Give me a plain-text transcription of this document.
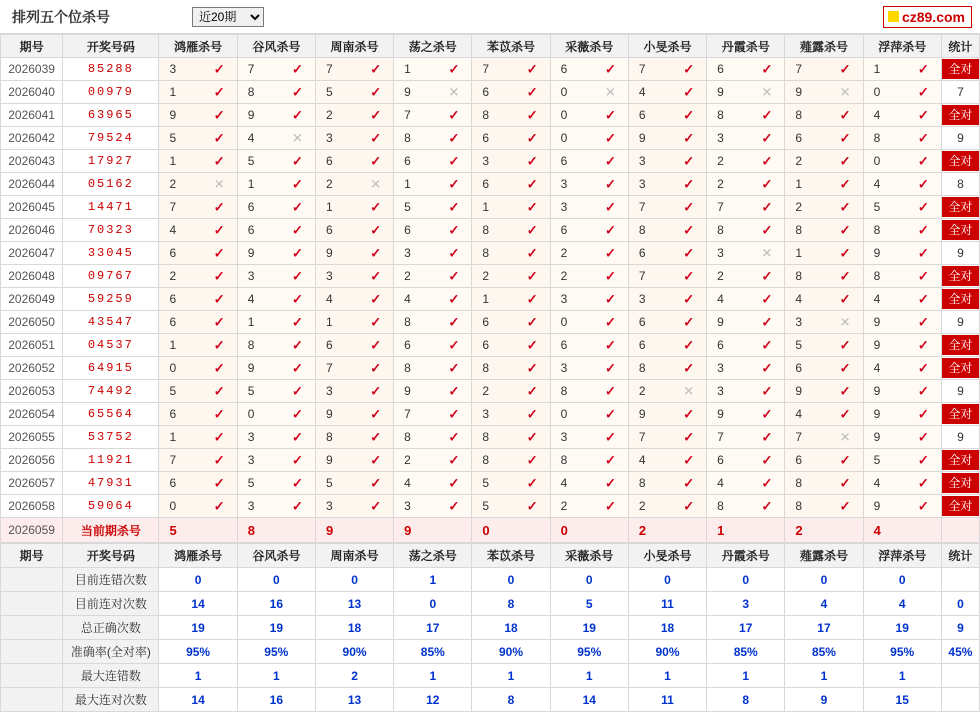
排列五个位杀号
近20期	cz89.com
期号	开奖号码	鸿雁杀号	谷风杀号	周南杀号	荡之杀号	苯苡杀号	采薇杀号	小旻杀号	丹霞杀号	薤露杀号	浮萍杀号	统计
2026039	85288	3 ✓	7 ✓	7 ✓	1 ✓	7 ✓	6 ✓	7 ✓	6 ✓	7 ✓	1 ✓	全对

2026040	00979	1 ✓	8 ✓	5 ✓	9 ✕	6 ✓	0 ✕	4 ✓	9 ✕	9 ✕	0 ✓	7
2026041	63965	9 ✓	9 ✓	2 ✓	7 ✓	8 ✓	0 ✓	6 ✓	8 ✓	8 ✓	4 ✓	全对

2026042	79524	5 ✓	4 ✕	3 ✓	8 ✓	6 ✓	0 ✓	9 ✓	3 ✓	6 ✓	8 ✓	9
2026043	17927	1 ✓	5 ✓	6 ✓	6 ✓	3 ✓	6 ✓	3 ✓	2 ✓	2 ✓	0 ✓	全对

2026044	05162	2 ✕	1 ✓	2 ✕	1 ✓	6 ✓	3 ✓	3 ✓	2 ✓	1 ✓	4 ✓	8
2026045	14471	7 ✓	6 ✓	1 ✓	5 ✓	1 ✓	3 ✓	7 ✓	7 ✓	2 ✓	5 ✓	全对

2026046	70323	4 ✓	6 ✓	6 ✓	6 ✓	8 ✓	6 ✓	8 ✓	8 ✓	8 ✓	8 ✓	全对

2026047	33045	6 ✓	9 ✓	9 ✓	3 ✓	8 ✓	2 ✓	6 ✓	3 ✕	1 ✓	9 ✓	9
2026048	09767	2 ✓	3 ✓	3 ✓	2 ✓	2 ✓	2 ✓	7 ✓	2 ✓	8 ✓	8 ✓	全对

2026049	59259	6 ✓	4 ✓	4 ✓	4 ✓	1 ✓	3 ✓	3 ✓	4 ✓	4 ✓	4 ✓	全对

2026050	43547	6 ✓	1 ✓	1 ✓	8 ✓	6 ✓	0 ✓	6 ✓	9 ✓	3 ✕	9 ✓	9
2026051	04537	1 ✓	8 ✓	6 ✓	6 ✓	6 ✓	6 ✓	6 ✓	6 ✓	5 ✓	9 ✓	全对

2026052	64915	0 ✓	9 ✓	7 ✓	8 ✓	8 ✓	3 ✓	8 ✓	3 ✓	6 ✓	4 ✓	全对

2026053	74492	5 ✓	5 ✓	3 ✓	9 ✓	2 ✓	8 ✓	2 ✕	3 ✓	9 ✓	9 ✓	9
2026054	65564	6 ✓	0 ✓	9 ✓	7 ✓	3 ✓	0 ✓	9 ✓	9 ✓	4 ✓	9 ✓	全对

2026055	53752	1 ✓	3 ✓	8 ✓	8 ✓	8 ✓	3 ✓	7 ✓	7 ✓	7 ✕	9 ✓	9
2026056	11921	7 ✓	3 ✓	9 ✓	2 ✓	8 ✓	8 ✓	4 ✓	6 ✓	6 ✓	5 ✓	全对

2026057	47931	6 ✓	5 ✓	5 ✓	4 ✓	5 ✓	4 ✓	8 ✓	4 ✓	8 ✓	4 ✓	全对

2026058	59064	0 ✓	3 ✓	3 ✓	3 ✓	5 ✓	2 ✓	2 ✓	8 ✓	8 ✓	9 ✓	全对

2026059	当前期杀号	5	8	9	9	0	0	2	1	2	4	
期号	开奖号码	鸿雁杀号	谷风杀号	周南杀号	荡之杀号	苯苡杀号	采薇杀号	小旻杀号	丹霞杀号	薤露杀号	浮萍杀号	统计
	目前连错次数	0	0	0	1	0	0	0	0	0	0	
	目前连对次数	14	16	13	0	8	5	11	3	4	4	0
	总正确次数	19	19	18	17	18	19	18	17	17	19	9
	准确率(全对率)	95%	95%	90%	85%	90%	95%	90%	85%	85%	95%	45%
	最大连错数	1	1	2	1	1	1	1	1	1	1	
	最大连对次数	14	16	13	12	8	14	11	8	9	15	
